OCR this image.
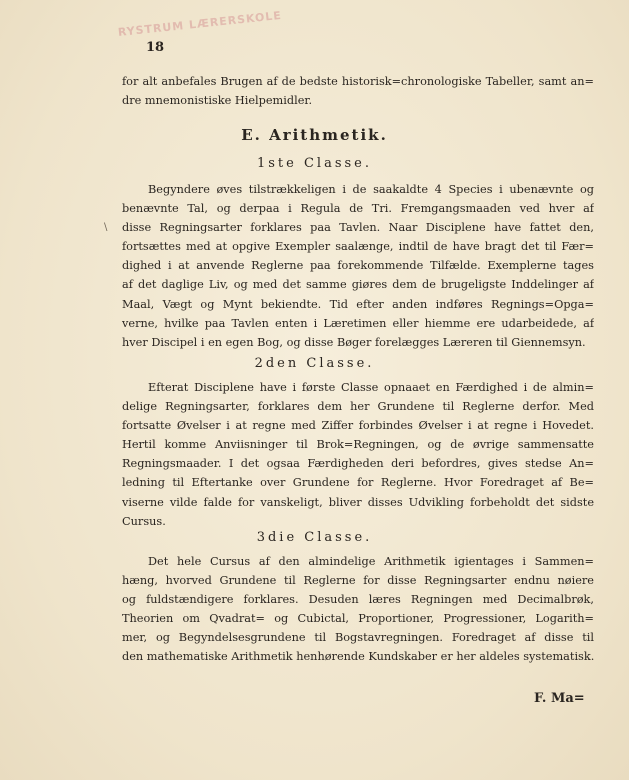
RYSTRUM LÆRERSKOLE
18
for alt anbefales Brugen af de bedste historisk=chronologiske Tabeller, samt an=
dre mnemonistiske Hielpemidler.
E. Arithmetik.
1ste Classe.
\
Begyndere øves tilstrækkeligen i de saakaldte 4 Species i ubenævnte og
benævnte Tal, og derpaa i Regula de Tri. Fremgangsmaaden ved hver af
disse Regningsarter forklares paa Tavlen. Naar Disciplene have fattet den,
fortsættes med at opgive Exempler saalænge, indtil de have bragt det til Fær=
dighed i at anvende Reglerne paa forekommende Tilfælde. Exemplerne tages
af det daglige Liv, og med det samme giøres dem de brugeligste Inddelinger af
Maal, Vægt og Mynt bekiendte. Tid efter anden indføres Regnings=Opga=
verne, hvilke paa Tavlen enten i Læretimen eller hiemme ere udarbeidede, af
hver Discipel i en egen Bog, og disse Bøger forelægges Læreren til Giennemsyn.
2den Classe.
Efterat Disciplene have i første Classe opnaaet en Færdighed i de almin=
delige Regningsarter, forklares dem her Grundene til Reglerne derfor. Med
fortsatte Øvelser i at regne med Ziffer forbindes Øvelser i at regne i Hovedet.
Hertil komme Anviisninger til Brok=Regningen, og de øvrige sammensatte
Regningsmaader. I det ogsaa Færdigheden deri befordres, gives stedse An=
ledning til Eftertanke over Grundene for Reglerne. Hvor Foredraget af Be=
viserne vilde falde for vanskeligt, bliver disses Udvikling forbeholdt det sidste
Cursus.
3die Classe.
Det hele Cursus af den almindelige Arithmetik igientages i Sammen=
hæng, hvorved Grundene til Reglerne for disse Regningsarter endnu nøiere
og fuldstændigere forklares. Desuden læres Regningen med Decimalbrøk,
Theorien om Qvadrat= og Cubictal, Proportioner, Progressioner, Logarith=
mer, og Begyndelsesgrundene til Bogstavregningen. Foredraget af disse til
den mathematiske Arithmetik henhørende Kundskaber er her aldeles systematisk.
F. Ma=
